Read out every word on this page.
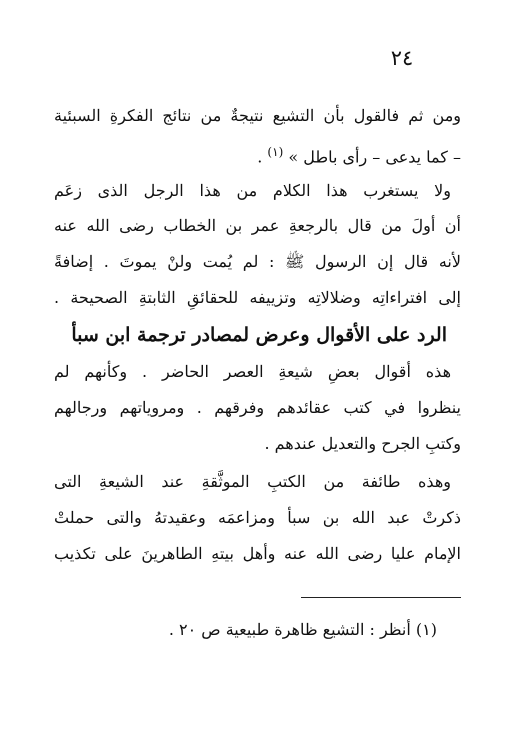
٢٤
ومن ثم فالقول بأن التشيع نتيجةٌ من نتائج الفكرةِ السبئية
– كما يدعى – رأى باطل » $^{(١)}$ .
ولا يستغرب هذا الكلام من هذا الرجل الذى زعَم
أن أولَ من قال بالرجعةِ عمر بن الخطاب رضى الله عنه
لأنه قال إن الرسول ﷺ : لم يُمت ولنْ يموتَ . إضافةً
إلى افتراءاتِه وضلالاتِه وتزييفه للحقائقِ الثابتةِ الصحيحة .
الرد على الأقوال وعرض لمصادر ترجمة ابن سبأ
هذه أقوال بعضِ شيعةِ العصر الحاضر . وكأنهم لم
ينظروا في كتب عقائدهم وفرقهم . ومروياتهم ورجالهم
وكتبِ الجرح والتعديل عندهم .
وهذه طائفة من الكتبِ الموثَّقةِ عند الشيعةِ التى
ذكرتْ عبد الله بن سبأ ومزاعمَه وعقيدتهُ والتى حملتْ
الإمام عليا رضى الله عنه وأهل بيتهِ الطاهرينَ على تكذيب
(١) أنظر : التشيع ظاهرة طبيعية ص ٢٠ .
